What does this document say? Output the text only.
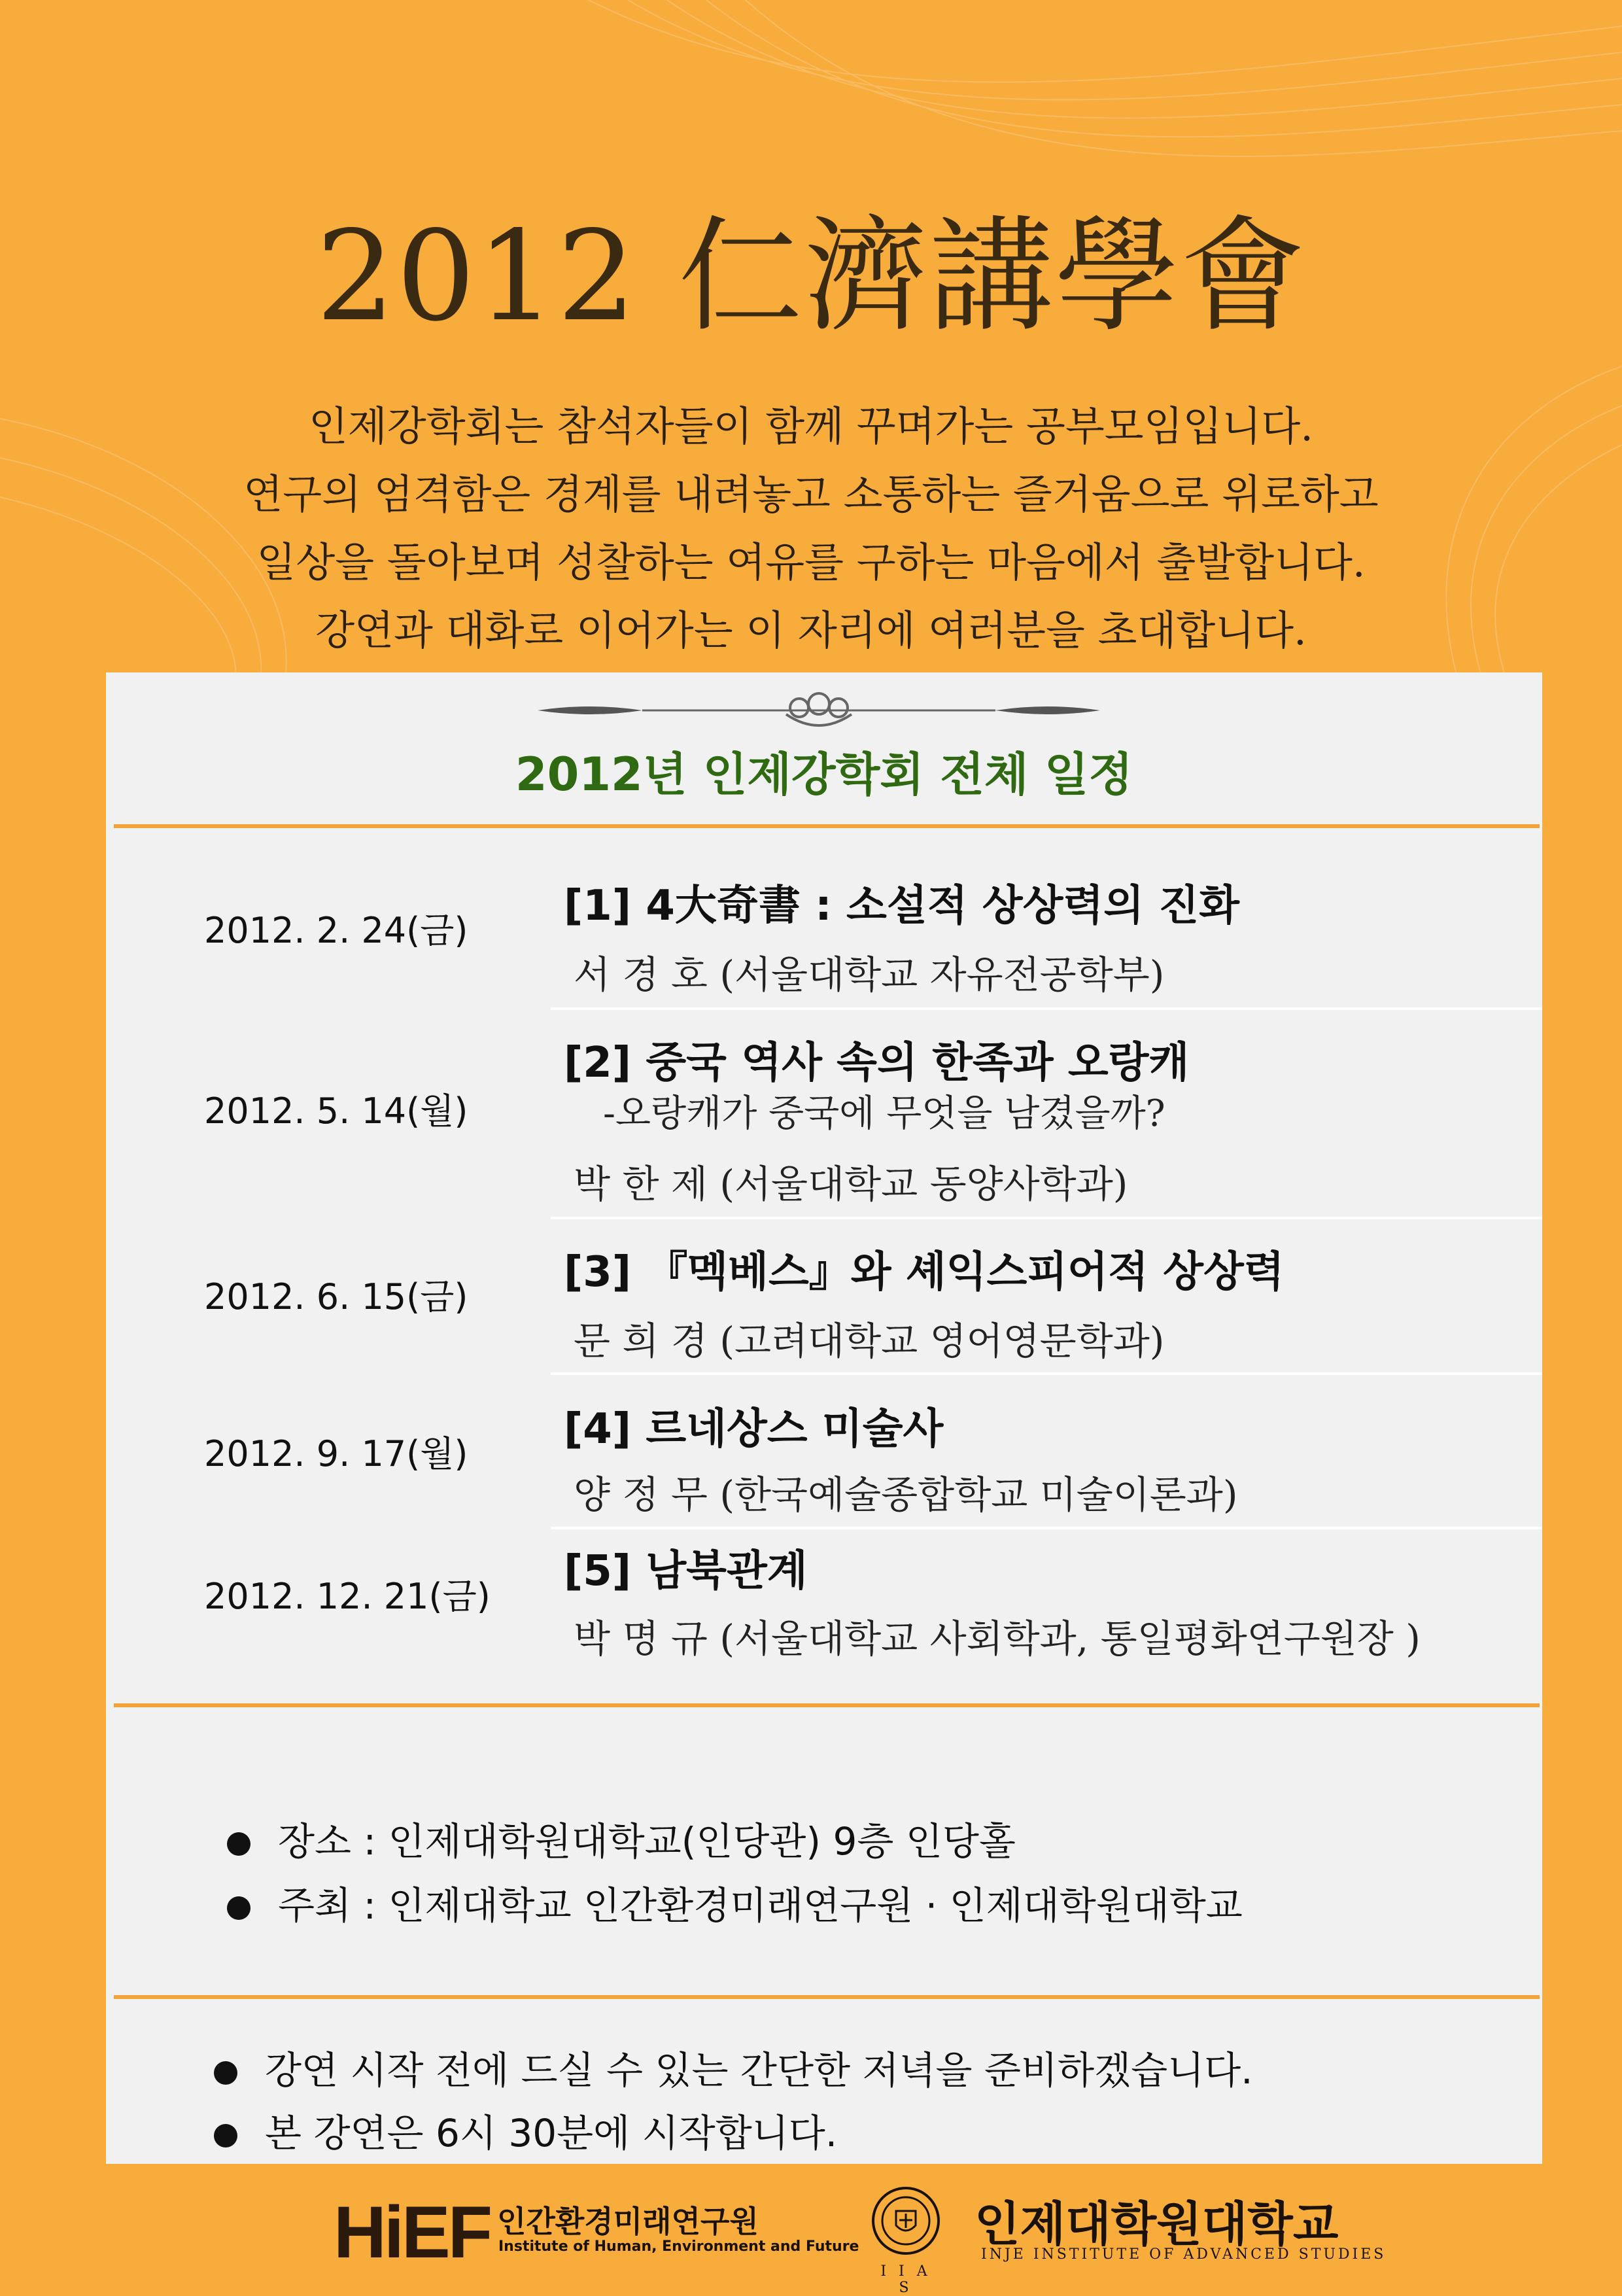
2012 仁濟講學會
인제강학회는 참석자들이 함께 꾸며가는 공부모임입니다.
연구의 엄격함은 경계를 내려놓고 소통하는 즐거움으로 위로하고
일상을 돌아보며 성찰하는 여유를 구하는 마음에서 출발합니다.
강연과 대화로 이어가는 이 자리에 여러분을 초대합니다.
2012년 인제강학회 전체 일정
2012. 2. 24(금)
[1] 4大奇書 : 소설적 상상력의 진화
서 경 호 (서울대학교 자유전공학부)
2012. 5. 14(월)
[2] 중국 역사 속의 한족과 오랑캐
-오랑캐가 중국에 무엇을 남겼을까?
박 한 제 (서울대학교 동양사학과)
2012. 6. 15(금)
[3] 『멕베스』와 셰익스피어적 상상력
문 희 경 (고려대학교 영어영문학과)
2012. 9. 17(월)
[4] 르네상스 미술사
양 정 무 (한국예술종합학교 미술이론과)
2012. 12. 21(금)
[5] 남북관계
박 명 규 (서울대학교 사회학과, 통일평화연구원장 )
장소 : 인제대학원대학교(인당관) 9층 인당홀
주최 : 인제대학교 인간환경미래연구원 · 인제대학원대학교
강연 시작 전에 드실 수 있는 간단한 저녁을 준비하겠습니다.
본 강연은 6시 30분에 시작합니다.
HiEF 인간환경미래연구원
Institute of Human, Environment and Future
I I A S
인제대학원대학교
INJE INSTITUTE OF ADVANCED STUDIES
